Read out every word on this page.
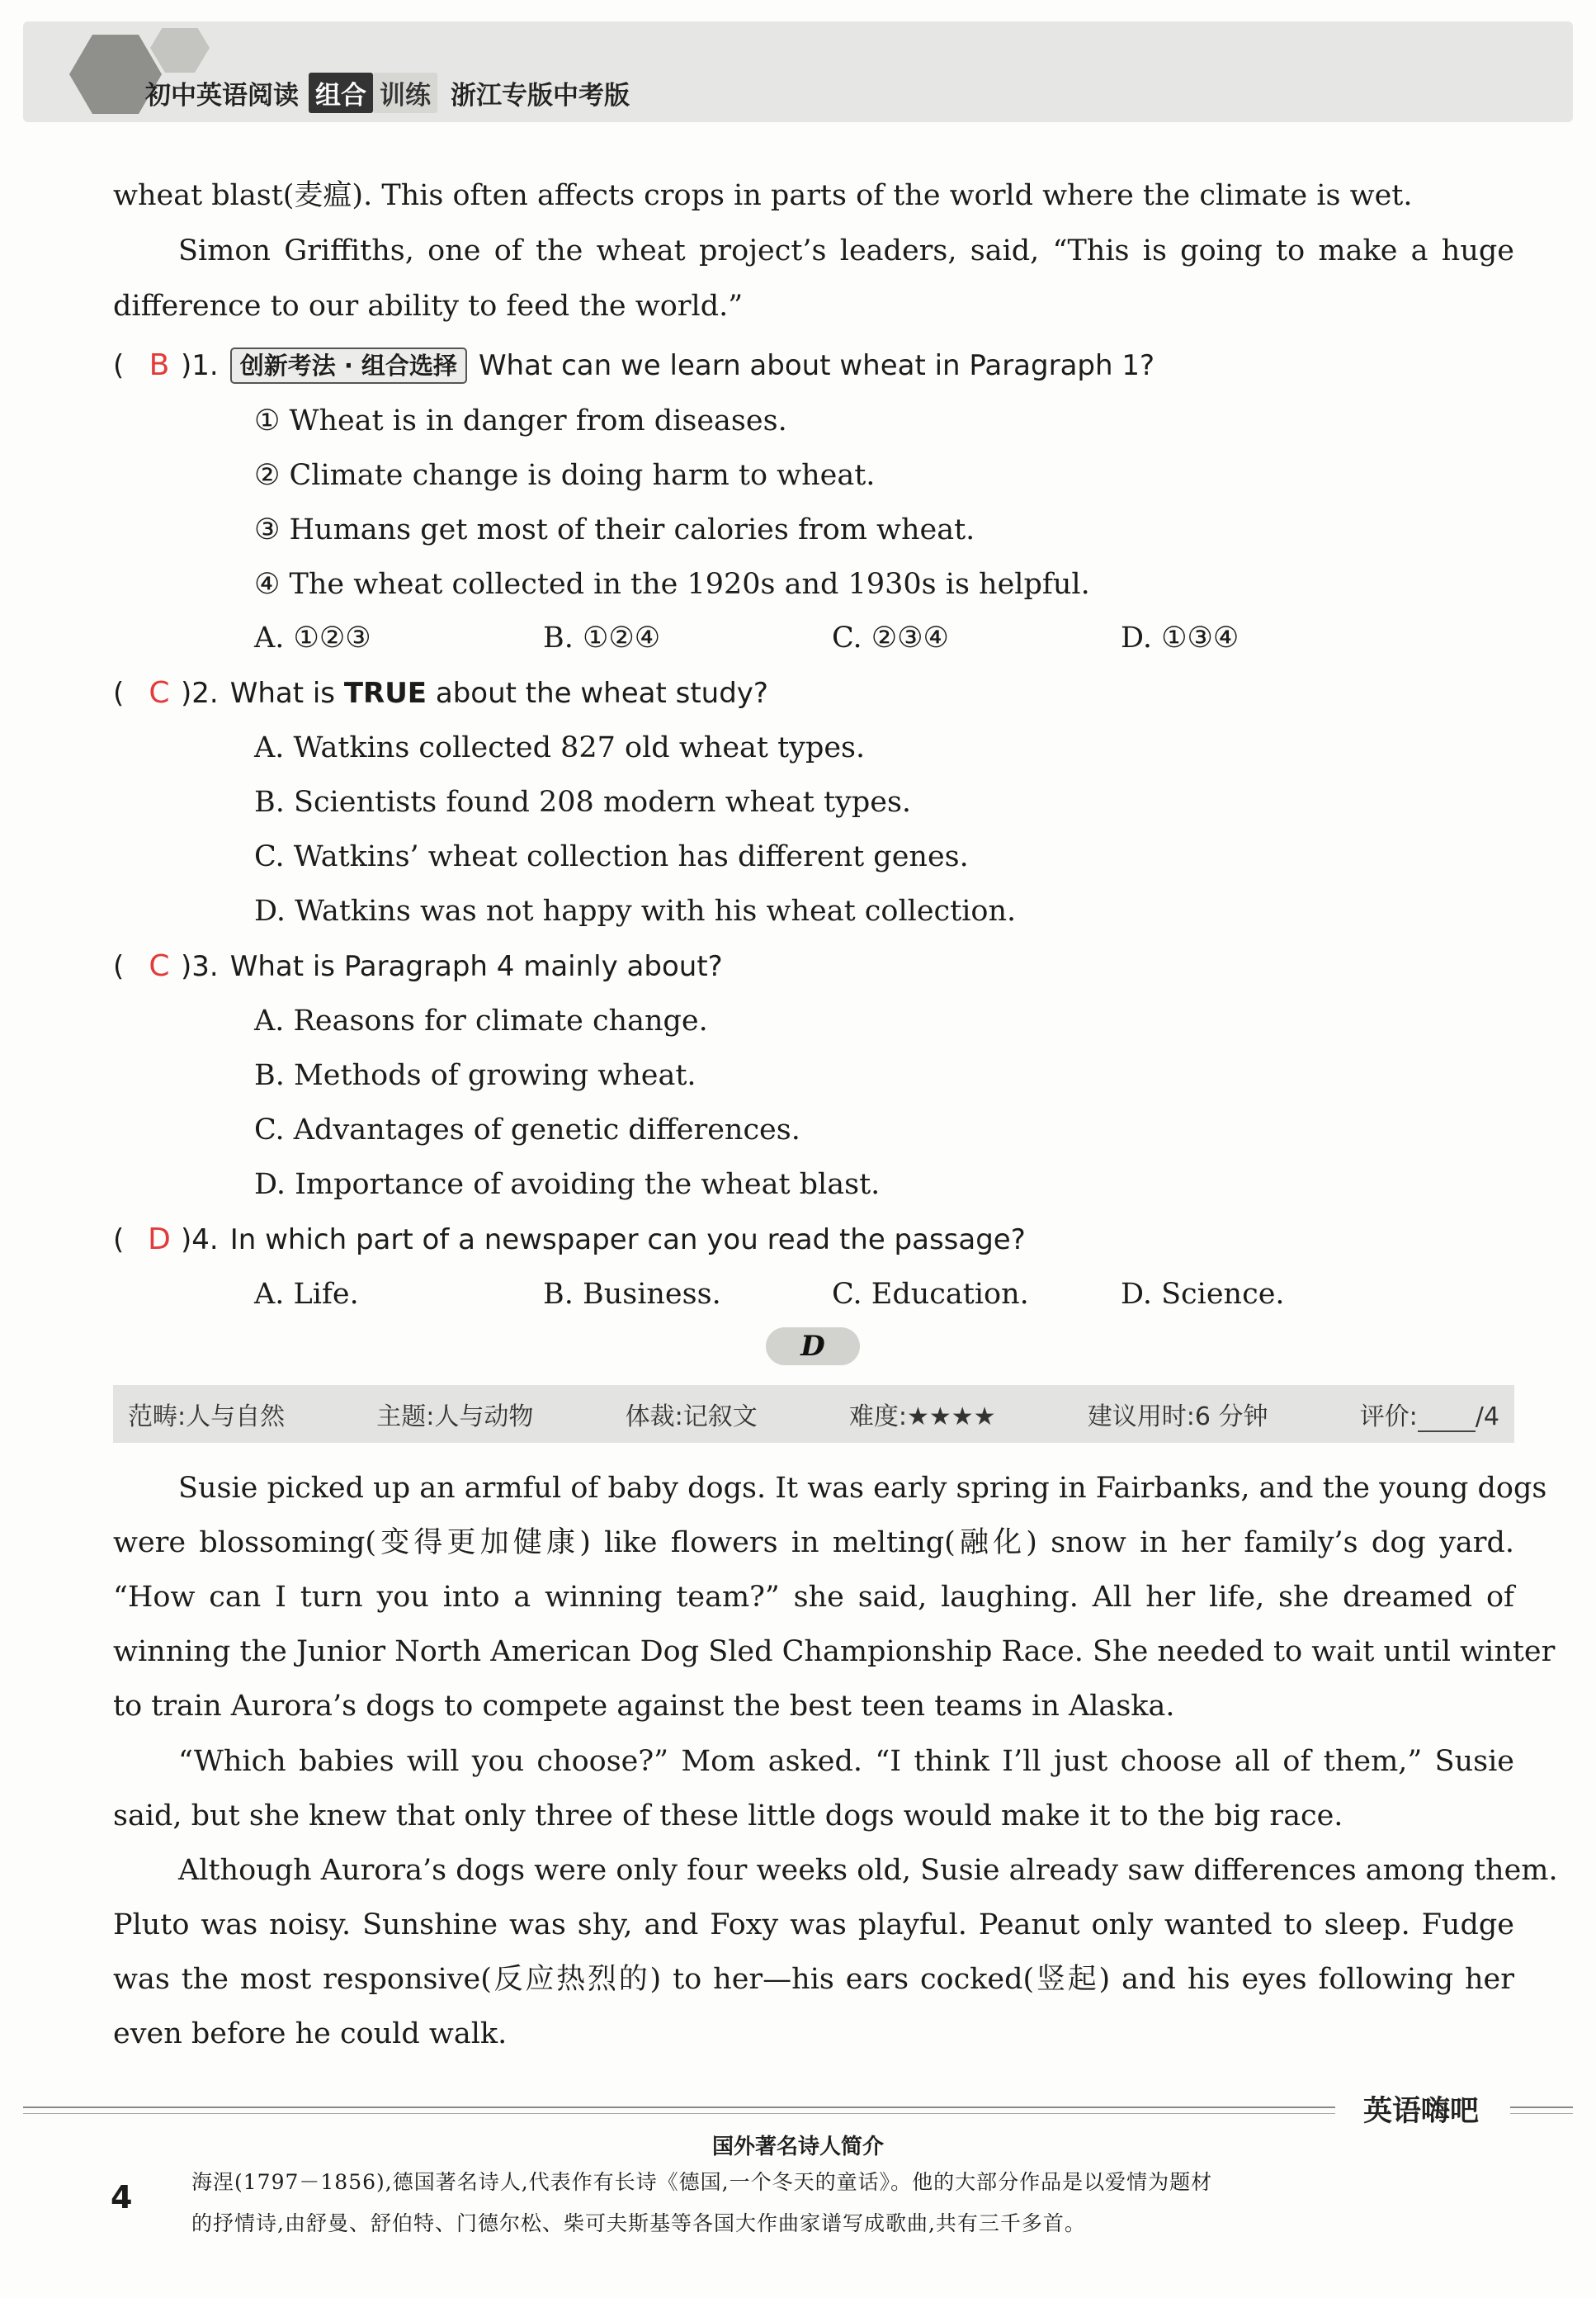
初中英语阅读 组合 训练 浙江专版中考版
wheat blast(麦瘟). This often affects crops in parts of the world where the climate is wet.
Simon Griffiths, one of the wheat project’s leaders, said, “This is going to make a huge
difference to our ability to feed the world.”
( B )1. 创新考法 · 组合选择 What can we learn about wheat in Paragraph 1?
① Wheat is in danger from diseases.
② Climate change is doing harm to wheat.
③ Humans get most of their calories from wheat.
④ The wheat collected in the 1920s and 1930s is helpful.
A. ①②③	B. ①②④	C. ②③④	D. ①③④
( C )2. What is TRUE about the wheat study?
A. Watkins collected 827 old wheat types.
B. Scientists found 208 modern wheat types.
C. Watkins’ wheat collection has different genes.
D. Watkins was not happy with his wheat collection.
( C )3. What is Paragraph 4 mainly about?
A. Reasons for climate change.
B. Methods of growing wheat.
C. Advantages of genetic differences.
D. Importance of avoiding the wheat blast.
( D )4. In which part of a newspaper can you read the passage?
A. Life.	B. Business.	C. Education.	D. Science.
D
范畴:人与自然	主题:人与动物	体裁:记叙文	难度:★★★★	建议用时:6 分钟	评价: /4
Susie picked up an armful of baby dogs. It was early spring in Fairbanks, and the young dogs
were blossoming(变得更加健康) like flowers in melting(融化) snow in her family’s dog yard.
“How can I turn you into a winning team?” she said, laughing. All her life, she dreamed of
winning the Junior North American Dog Sled Championship Race. She needed to wait until winter
to train Aurora’s dogs to compete against the best teen teams in Alaska.
“Which babies will you choose?” Mom asked. “I think I’ll just choose all of them,” Susie
said, but she knew that only three of these little dogs would make it to the big race.
Although Aurora’s dogs were only four weeks old, Susie already saw differences among them.
Pluto was noisy. Sunshine was shy, and Foxy was playful. Peanut only wanted to sleep. Fudge
was the most responsive(反应热烈的) to her—his ears cocked(竖起) and his eyes following her
even before he could walk.
英语嗨吧
国外著名诗人简介
4	海涅(1797－1856),德国著名诗人,代表作有长诗《德国,一个冬天的童话》。他的大部分作品是以爱情为题材
的抒情诗,由舒曼、舒伯特、门德尔松、柴可夫斯基等各国大作曲家谱写成歌曲,共有三千多首。
